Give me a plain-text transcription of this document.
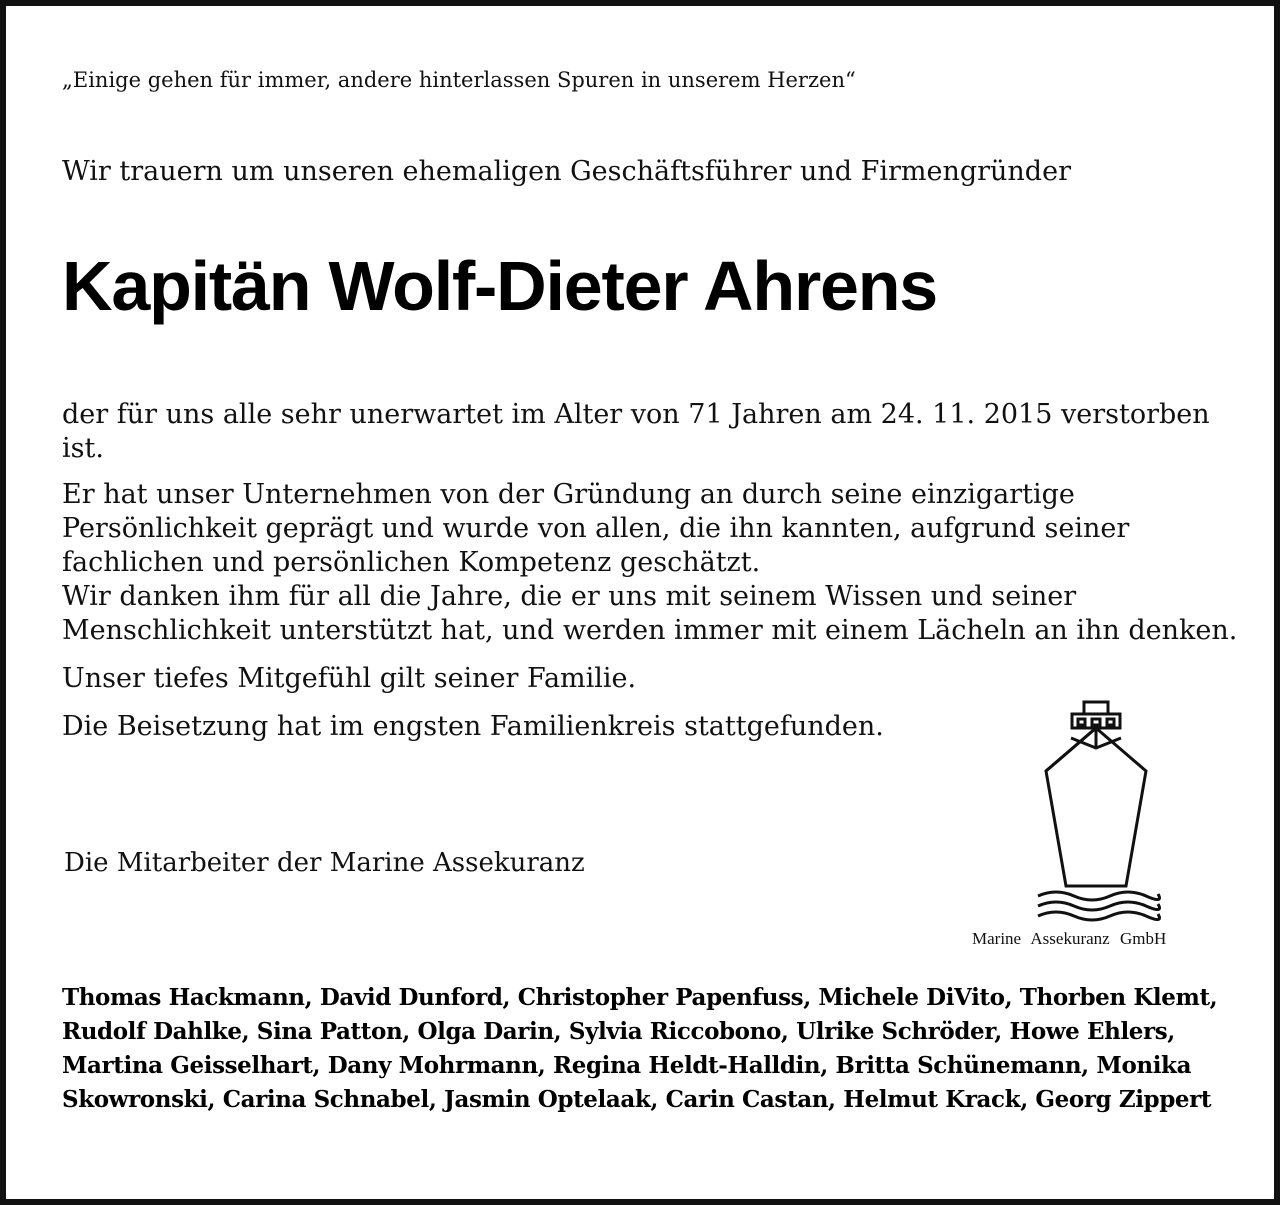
„Einige gehen für immer, andere hinterlassen Spuren in unserem Herzen“

Wir trauern um unseren ehemaligen Geschäftsführer und Firmengründer

Kapitän Wolf-Dieter Ahrens

der für uns alle sehr unerwartet im Alter von 71 Jahren am 24. 11. 2015 verstorben ist.

Er hat unser Unternehmen von der Gründung an durch seine einzigartige Persönlichkeit geprägt und wurde von allen, die ihn kannten, aufgrund seiner fachlichen und persönlichen Kompetenz geschätzt.

Wir danken ihm für all die Jahre, die er uns mit seinem Wissen und seiner Menschlichkeit unterstützt hat, und werden immer mit einem Lächeln an ihn denken.

Unser tiefes Mitgefühl gilt seiner Familie.

Die Beisetzung hat im engsten Familienkreis stattgefunden.

Die Mitarbeiter der Marine Assekuranz

Marine Assekuranz GmbH

Thomas Hackmann, David Dunford, Christopher Papenfuss, Michele DiVito, Thorben Klemt, Rudolf Dahlke, Sina Patton, Olga Darin, Sylvia Riccobono, Ulrike Schröder, Howe Ehlers, Martina Geisselhart, Dany Mohrmann, Regina Heldt-Halldin, Britta Schünemann, Monika Skowronski, Carina Schnabel, Jasmin Optelaak, Carin Castan, Helmut Krack, Georg Zippert
